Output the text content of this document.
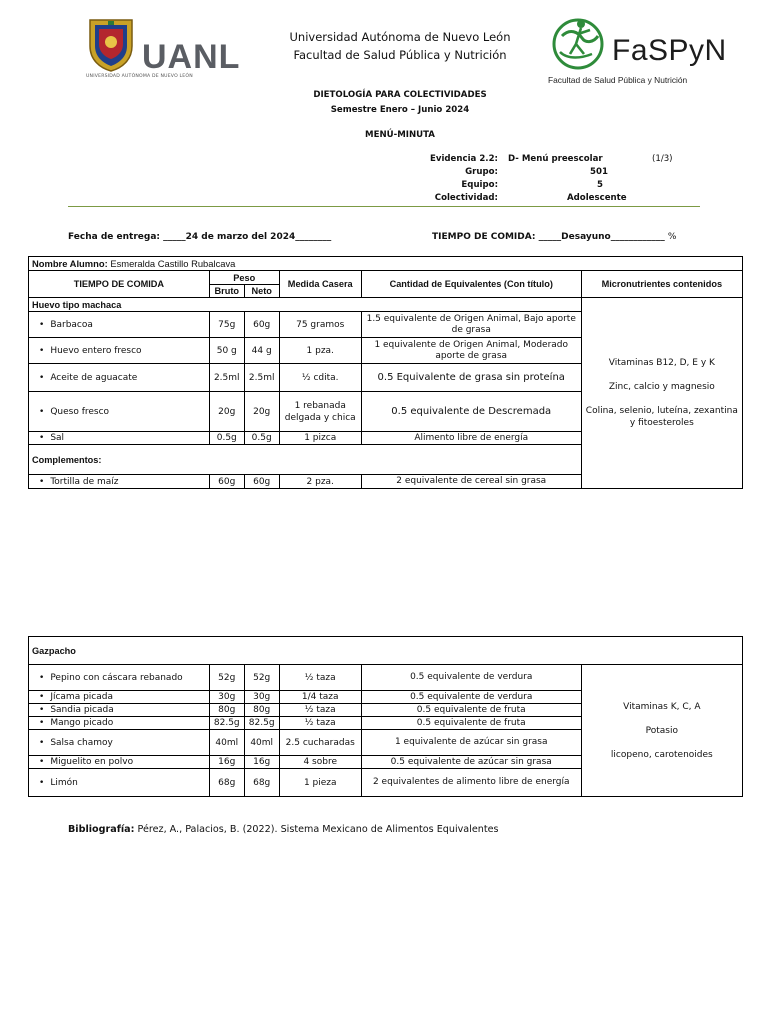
UANL
UNIVERSIDAD AUTÓNOMA DE NUEVO LEÓN
Universidad Autónoma de Nuevo León
Facultad de Salud Pública y Nutrición	FaSPyN
Facultad de Salud Pública y Nutrición
DIETOLOGÍA PARA COLECTIVIDADES
Semestre Enero – Junio 2024
MENÚ-MINUTA
Evidencia 2.2: D- Menú preescolar	(1/3)
Grupo:	501
Equipo:	5
Colectividad:	Adolescente
Fecha de entrega: _____24 de marzo del 2024________	TIEMPO DE COMIDA: _____Desayuno____________ %
Nombre Alumno: Esmeralda Castillo Rubalcava					
TIEMPO DE COMIDA	Peso		Medida Casera	Cantidad de Equivalentes (Con título)	Micronutrientes contenidos
	Bruto	Neto			
Huevo tipo machaca					Vitaminas B12, D, E y K

Zinc, calcio y magnesio

Colina, selenio, luteína, zexantina y fitoesteroles

• Barbacoa	75g	60g	75 gramos	1.5 equivalente de Origen Animal, Bajo aporte de grasa	
• Huevo entero fresco	50 g	44 g	1 pza.	1 equivalente de Origen Animal, Moderado aporte de grasa	
• Aceite de aguacate	2.5ml	2.5ml	½ cdita.	0.5 Equivalente de grasa sin proteína	
• Queso fresco	20g	20g	1 rebanada delgada y chica	0.5 equivalente de Descremada	
• Sal	0.5g	0.5g	1 pizca	Alimento libre de energía	
Complementos:					
• Tortilla de maíz	60g	60g	2 pza.	2 equivalente de cereal sin grasa	
Gazpacho					
• Pepino con cáscara rebanado	52g	52g	½ taza	0.5 equivalente de verdura	Vitaminas K, C, A

Potasio

licopeno, carotenoides

• Jícama picada	30g	30g	1/4 taza	0.5 equivalente de verdura	
• Sandia picada	80g	80g	½ taza	0.5 equivalente de fruta	
• Mango picado	82.5g	82.5g	½ taza	0.5 equivalente de fruta	
• Salsa chamoy	40ml	40ml	2.5 cucharadas	1 equivalente de azúcar sin grasa	
• Miguelito en polvo	16g	16g	4 sobre	0.5 equivalente de azúcar sin grasa	
• Limón	68g	68g	1 pieza	2 equivalentes de alimento libre de energía	
Bibliografía: Pérez, A., Palacios, B. (2022). Sistema Mexicano de Alimentos Equivalentes
